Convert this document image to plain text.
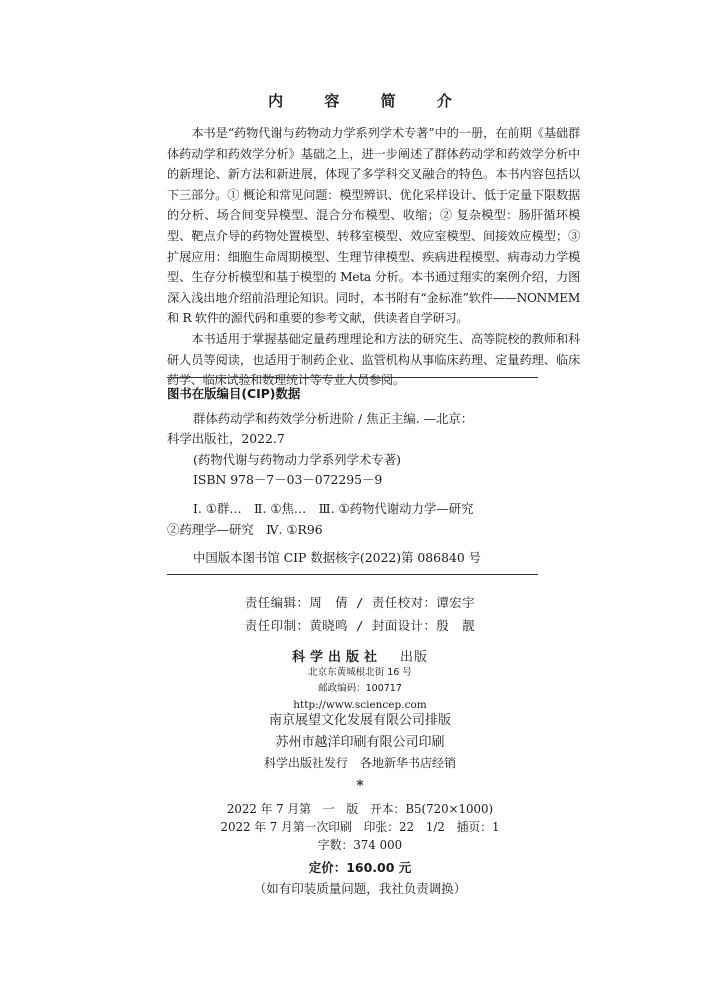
内 容 简 介

本书是“药物代谢与药物动力学系列学术专著”中的一册，在前期《基础群体药动学和药效学分析》基础之上，进一步阐述了群体药动学和药效学分析中的新理论、新方法和新进展，体现了多学科交叉融合的特色。本书内容包括以下三部分。① 概论和常见问题：模型辨识、优化采样设计、低于定量下限数据的分析、场合间变异模型、混合分布模型、收缩；② 复杂模型：肠肝循环模型、靶点介导的药物处置模型、转移室模型、效应室模型、间接效应模型；③ 扩展应用：细胞生命周期模型、生理节律模型、疾病进程模型、病毒动力学模型、生存分析模型和基于模型的 Meta 分析。本书通过翔实的案例介绍，力图深入浅出地介绍前沿理论知识。同时，本书附有“金标准”软件——NONMEM 和 R 软件的源代码和重要的参考文献，供读者自学研习。

本书适用于掌握基础定量药理理论和方法的研究生、高等院校的教师和科研人员等阅读，也适用于制药企业、监管机构从事临床药理、定量药理、临床药学、临床试验和数理统计等专业人员参阅。

图书在版编目(CIP)数据
群体药动学和药效学分析进阶 / 焦正主编. —北京：
科学出版社，2022.7
(药物代谢与药物动力学系列学术专著)
ISBN 978－7－03－072295－9
Ⅰ. ①群…　Ⅱ. ①焦…　Ⅲ. ①药物代谢动力学—研究
②药理学—研究　Ⅳ. ①R96
中国版本图书馆 CIP 数据核字(2022)第 086840 号
责任编辑：周　倩 / 责任校对：谭宏宇
责任印制：黄晓鸣 / 封面设计：殷　靓
科学出版社　 出版
北京东黄城根北街 16 号
邮政编码：100717
http://www.sciencep.com
南京展望文化发展有限公司排版
苏州市越洋印刷有限公司印刷
科学出版社发行　各地新华书店经销
*
2022 年 7 月第　一　版　开本：B5(720×1000)
2022 年 7 月第一次印刷　印张：22　1/2　插页：1
字数：374 000
定价：160.00 元
（如有印装质量问题，我社负责调换）
